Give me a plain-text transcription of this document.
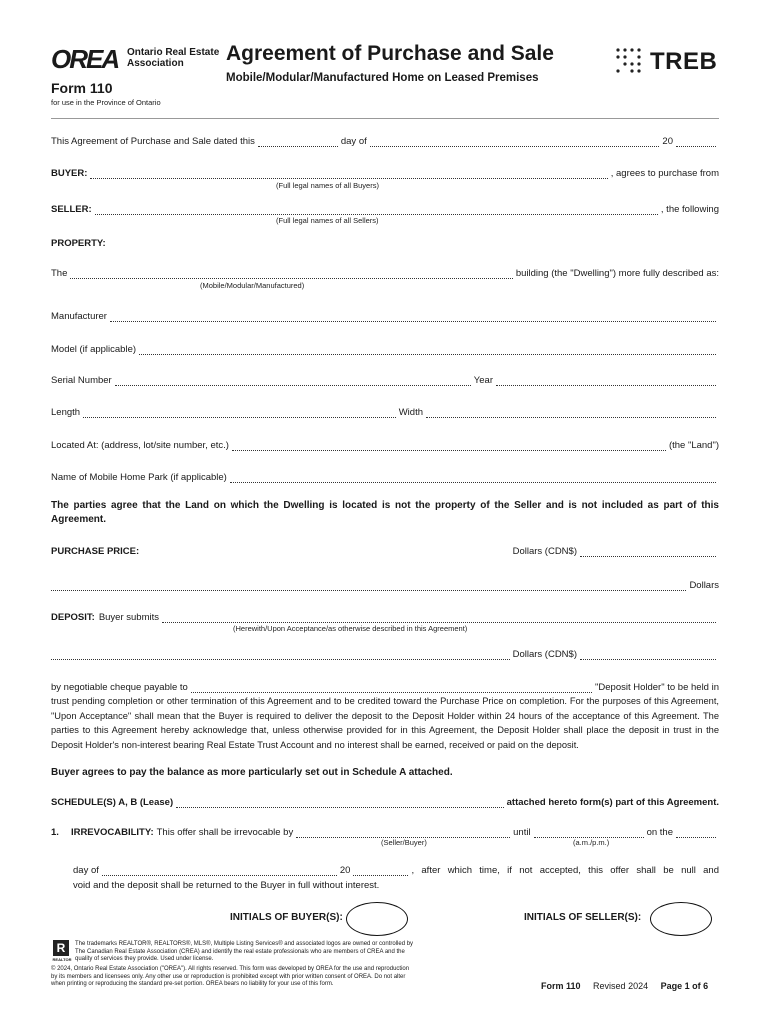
OREA Ontario Real Estate
Association
Form 110
for use in the Province of Ontario
Agreement of Purchase and Sale
Mobile/Modular/Manufactured Home on Leased Premises
TREB
This Agreement of Purchase and Sale dated this	day of	20
BUYER:	, agrees to purchase from
(Full legal names of all Buyers)
SELLER:	, the following
(Full legal names of all Sellers)
PROPERTY:
The	building (the "Dwelling") more fully described as:
(Mobile/Modular/Manufactured)
Manufacturer
Model (if applicable)
Serial Number	Year
Length	Width
Located At: (address, lot/site number, etc.)	(the "Land")
Name of Mobile Home Park (if applicable)
The parties agree that the Land on which the Dwelling is located is not the property of the Seller and is not included as part of this Agreement.
PURCHASE PRICE:	Dollars (CDN$)
Dollars
DEPOSIT: Buyer submits
(Herewith/Upon Acceptance/as otherwise described in this Agreement)
Dollars (CDN$)
by negotiable cheque payable to	"Deposit Holder" to be held in
trust pending completion or other termination of this Agreement and to be credited toward the Purchase Price on completion. For the purposes of this Agreement, "Upon Acceptance" shall mean that the Buyer is required to deliver the deposit to the Deposit Holder within 24 hours of the acceptance of this Agreement. The parties to this Agreement hereby acknowledge that, unless otherwise provided for in this Agreement, the Deposit Holder shall place the deposit in trust in the Deposit Holder's non-interest bearing Real Estate Trust Account and no interest shall be earned, received or paid on the deposit.
Buyer agrees to pay the balance as more particularly set out in Schedule A attached.
SCHEDULE(S) A, B (Lease)	attached hereto form(s) part of this Agreement.
1. IRREVOCABILITY: This offer shall be irrevocable by	until	on the
(Seller/Buyer)	(a.m./p.m.)
day of	20	, after which time, if not accepted, this offer shall be null and
void and the deposit shall be returned to the Buyer in full without interest.
INITIALS OF BUYER(S):	INITIALS OF SELLER(S):
R
REALTOR
The trademarks REALTOR®, REALTORS®, MLS®, Multiple Listing Services® and associated logos are owned or controlled by
The Canadian Real Estate Association (CREA) and identify the real estate professionals who are members of CREA and the
quality of services they provide. Used under license.
© 2024, Ontario Real Estate Association ("OREA"). All rights reserved. This form was developed by OREA for the use and reproduction
by its members and licensees only. Any other use or reproduction is prohibited except with prior written consent of OREA. Do not alter
when printing or reproducing the standard pre-set portion. OREA bears no liability for your use of this form.	Form 110 Revised 2024 Page 1 of 6
